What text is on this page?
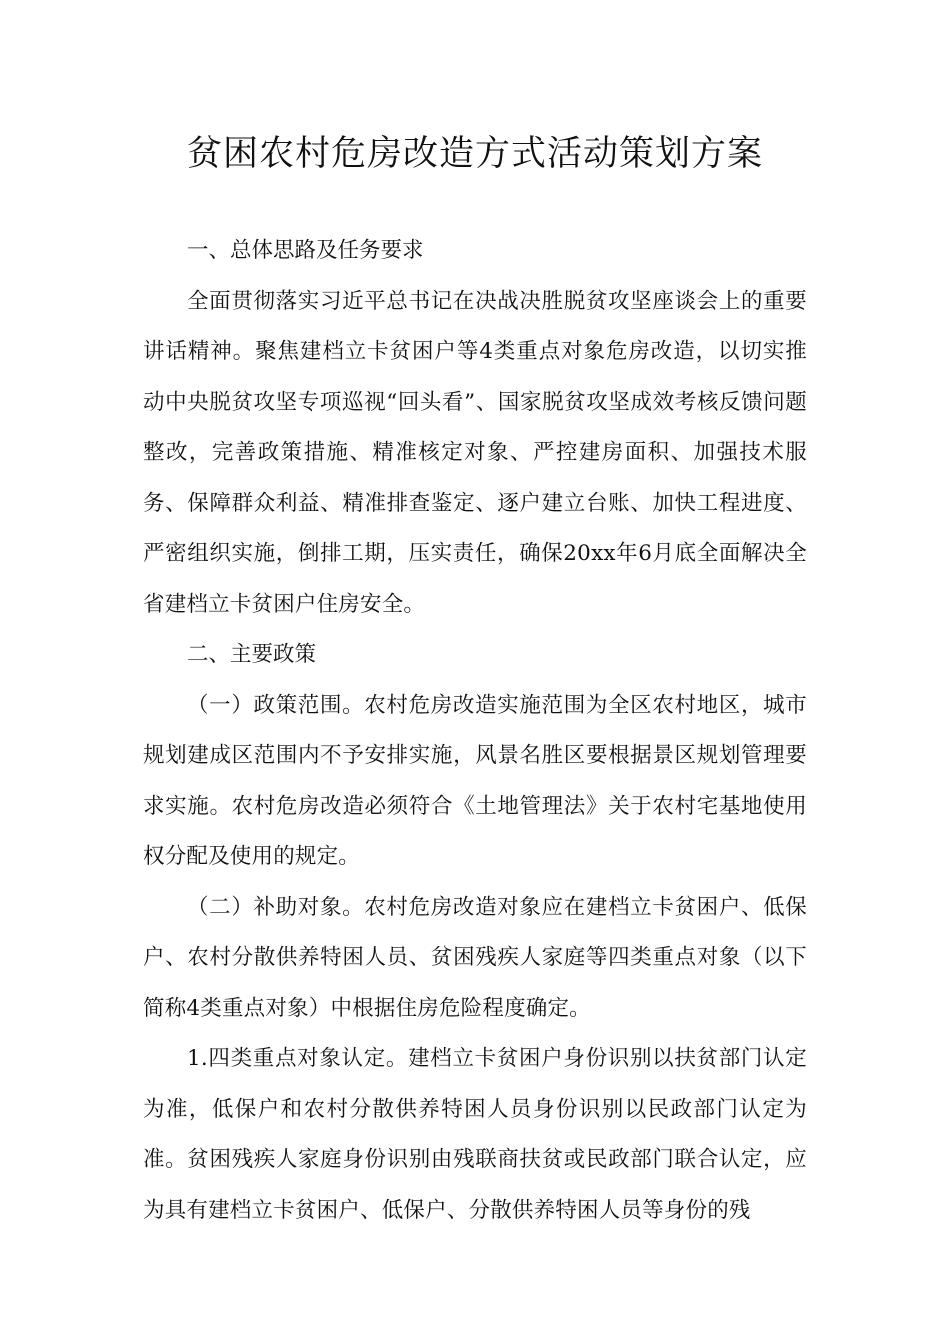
贫困农村危房改造方式活动策划方案

一、总体思路及任务要求

全面贯彻落实习近平总书记在决战决胜脱贫攻坚座谈会上的重要讲话精神。聚焦建档立卡贫困户等4类重点对象危房改造，以切实推动中央脱贫攻坚专项巡视“回头看”、国家脱贫攻坚成效考核反馈问题整改，完善政策措施、精准核定对象、严控建房面积、加强技术服务、保障群众利益、精准排查鉴定、逐户建立台账、加快工程进度、严密组织实施，倒排工期，压实责任，确保20xx年6月底全面解决全省建档立卡贫困户住房安全。

二、主要政策

（一）政策范围。农村危房改造实施范围为全区农村地区，城市规划建成区范围内不予安排实施，风景名胜区要根据景区规划管理要求实施。农村危房改造必须符合《土地管理法》关于农村宅基地使用权分配及使用的规定。

（二）补助对象。农村危房改造对象应在建档立卡贫困户、低保户、农村分散供养特困人员、贫困残疾人家庭等四类重点对象（以下简称4类重点对象）中根据住房危险程度确定。

1.四类重点对象认定。建档立卡贫困户身份识别以扶贫部门认定为准，低保户和农村分散供养特困人员身份识别以民政部门认定为准。贫困残疾人家庭身份识别由残联商扶贫或民政部门联合认定，应为具有建档立卡贫困户、低保户、分散供养特困人员等身份的残
